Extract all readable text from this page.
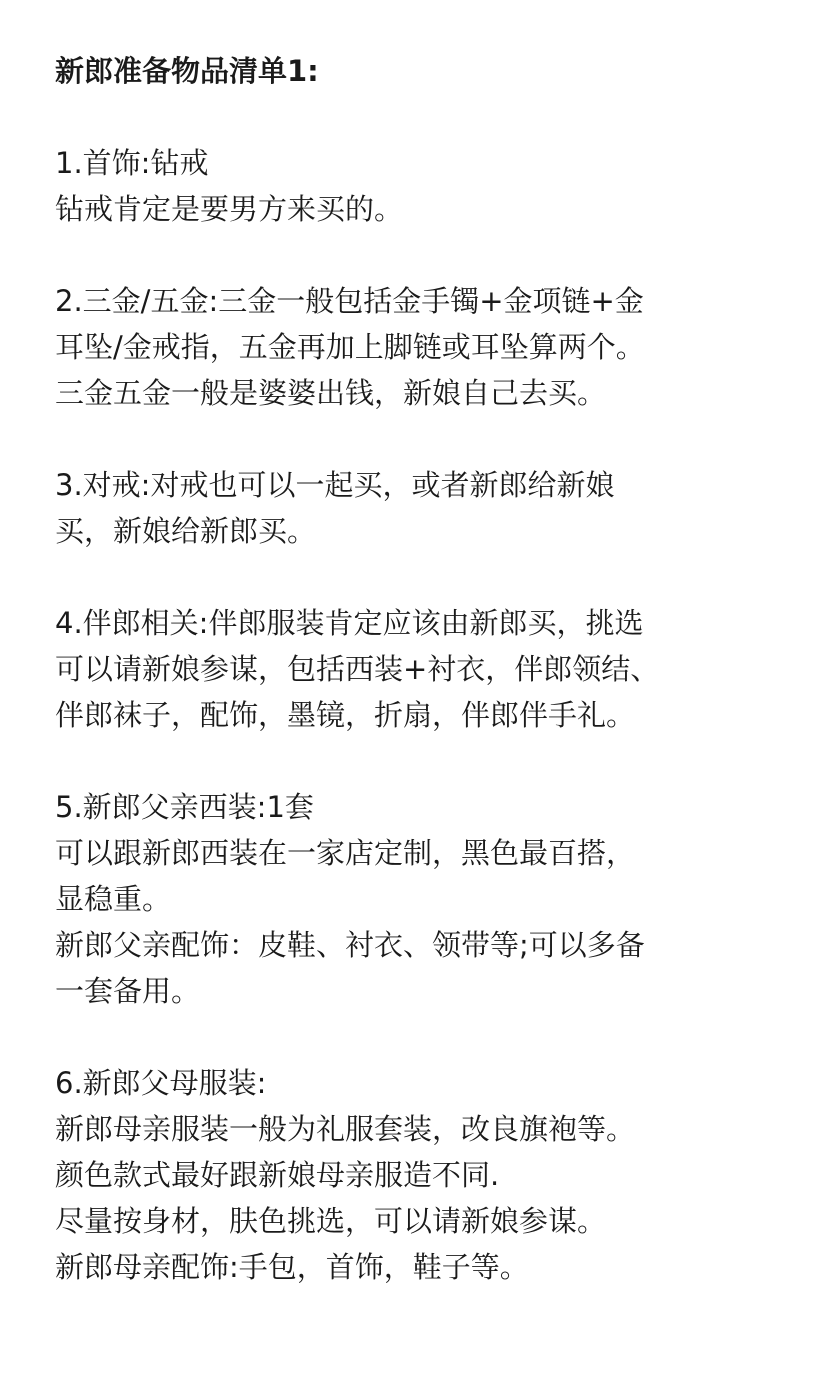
新郎准备物品清单1:
1.首饰:钻戒
钻戒肯定是要男方来买的。
2.三金/五金:三金一般包括金手镯+金项链+金
耳坠/金戒指，五金再加上脚链或耳坠算两个。
三金五金一般是婆婆出钱，新娘自己去买。
3.对戒:对戒也可以一起买，或者新郎给新娘
买，新娘给新郎买。
4.伴郎相关:伴郎服装肯定应该由新郎买，挑选
可以请新娘参谋，包括西装+衬衣，伴郎领结、
伴郎袜子，配饰，墨镜，折扇，伴郎伴手礼。
5.新郎父亲西装:1套
可以跟新郎西装在一家店定制，黑色最百搭，
显稳重。
新郎父亲配饰：皮鞋、衬衣、领带等;可以多备
一套备用。
6.新郎父母服装:
新郎母亲服装一般为礼服套装，改良旗袍等。
颜色款式最好跟新娘母亲服造不同.
尽量按身材，肤色挑选，可以请新娘参谋。
新郎母亲配饰:手包，首饰，鞋子等。
